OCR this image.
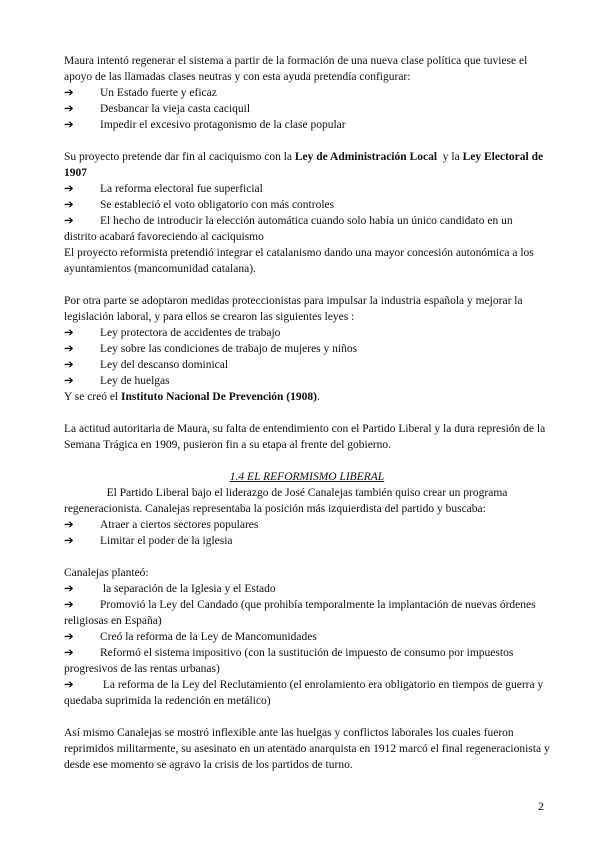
Maura intentó regenerar el sistema a partir de la formación de una nueva clase política que tuviese el apoyo de las llamadas clases neutras y con esta ayuda pretendía configurar:

➔	Un Estado fuerte y eficaz
➔	Desbancar la vieja casta caciquil
➔	Impedir el excesivo protagonismo de la clase popular

Su proyecto pretende dar fin al caciquismo con la Ley de Administración Local  y la Ley Electoral de 1907

➔	La reforma electoral fue superficial
➔	Se estableció el voto obligatorio con más controles
➔	El hecho de introducir la elección automática cuando solo había un único candidato en un

distrito acabará favoreciendo al caciquismo

El proyecto reformista pretendió integrar el catalanismo dando una mayor concesión autonómica a los ayuntamientos (mancomunidad catalana).

Por otra parte se adoptaron medidas proteccionistas para impulsar la industria española y mejorar la legislación laboral, y para ellos se crearon las siguientes leyes :

➔	Ley protectora de accidentes de trabajo
➔	Ley sobre las condiciones de trabajo de mujeres y niños
➔	Ley del descanso dominical
➔	Ley de huelgas

Y se creó el Instituto Nacional De Prevención (1908).

La actitud autoritaria de Maura, su falta de entendimiento con el Partido Liberal y la dura represión de la Semana Trágica en 1909, pusieron fin a su etapa al frente del gobierno.

1.4 EL REFORMISMO LIBERAL

El Partido Liberal bajo el liderazgo de José Canalejas también quiso crear un programa

regeneracionista. Canalejas representaba la posición más izquierdista del partido y buscaba:

➔	Atraer a ciertos sectores populares
➔	Limitar el poder de la iglesia

Canalejas planteó:

➔	la separación de la Iglesia y el Estado

➔ Promovió la Ley del Candado (que prohibía temporalmente la implantación de nuevas órdenes religiosas en España)

➔	Creó la reforma de la Ley de Mancomunidades

➔ Reformó el sistema impositivo (con la sustitución de impuesto de consumo por impuestos progresivos de las rentas urbanas)

➔ La reforma de la Ley del Reclutamiento (el enrolamiento era obligatorio en tiempos de guerra y quedaba suprimida la redención en metálico)

Así mismo Canalejas se mostró inflexible ante las huelgas y conflictos laborales los cuales fueron reprimidos militarmente, su asesinato en un atentado anarquista en 1912 marcó el final regeneracionista y desde ese momento se agravo la crisis de los partidos de turno.

2
